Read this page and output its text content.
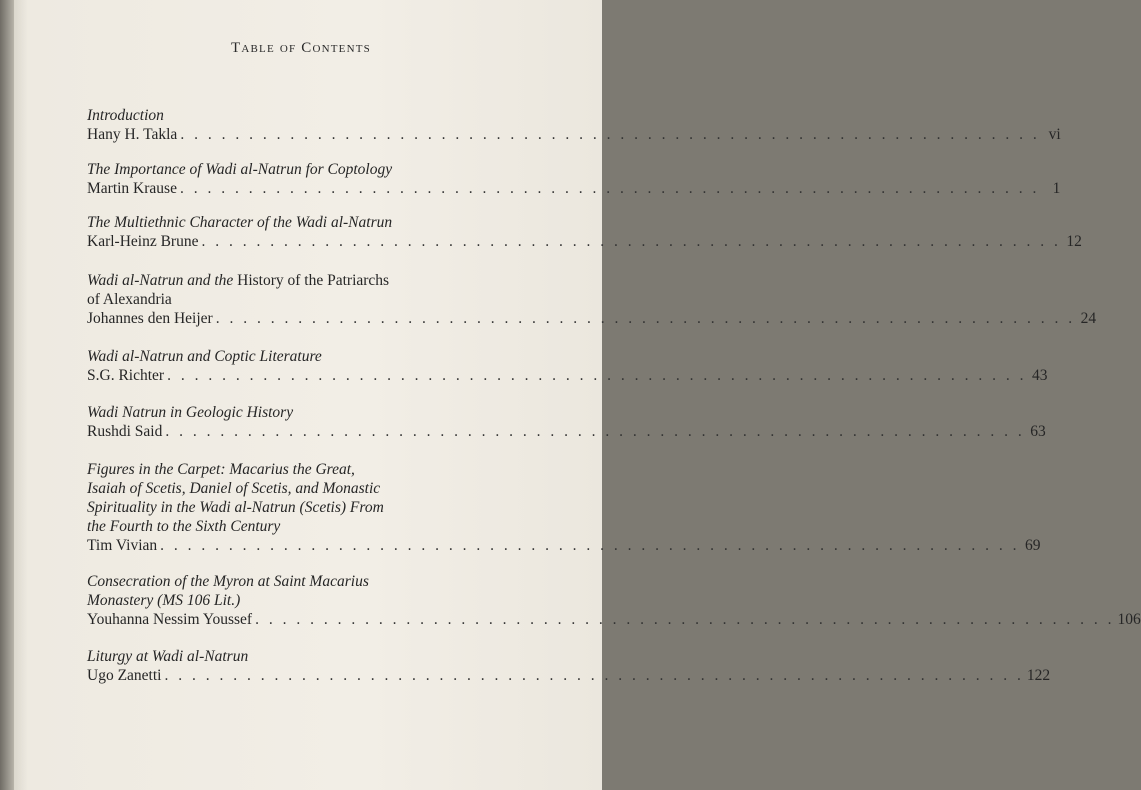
Table of Contents
Introduction
Hany H. Takla . . . . . . . . . . . . . . . . . . . . . . . . . . . . . . . . . . . . . . . . . . . . . . . . . . . . . . . . . . . . . . . vi
The Importance of Wadi al-Natrun for Coptology
Martin Krause . . . . . . . . . . . . . . . . . . . . . . . . . . . . . . . . . . . . . . . . . . . . . . . . . . . . . . . . . . . . . . . 1
The Multiethnic Character of the Wadi al-Natrun
Karl-Heinz Brune . . . . . . . . . . . . . . . . . . . . . . . . . . . . . . . . . . . . . . . . . . . . . . . . . . . . . . . . . . . . . . . 12
Wadi al-Natrun and the History of the Patriarchs
of Alexandria
Johannes den Heijer . . . . . . . . . . . . . . . . . . . . . . . . . . . . . . . . . . . . . . . . . . . . . . . . . . . . . . . . . . . . . . . 24
Wadi al-Natrun and Coptic Literature
S.G. Richter . . . . . . . . . . . . . . . . . . . . . . . . . . . . . . . . . . . . . . . . . . . . . . . . . . . . . . . . . . . . . . . 43
Wadi Natrun in Geologic History
Rushdi Said . . . . . . . . . . . . . . . . . . . . . . . . . . . . . . . . . . . . . . . . . . . . . . . . . . . . . . . . . . . . . . . 63
Figures in the Carpet: Macarius the Great,
Isaiah of Scetis, Daniel of Scetis, and Monastic
Spirituality in the Wadi al-Natrun (Scetis) From
the Fourth to the Sixth Century
Tim Vivian . . . . . . . . . . . . . . . . . . . . . . . . . . . . . . . . . . . . . . . . . . . . . . . . . . . . . . . . . . . . . . . 69
Consecration of the Myron at Saint Macarius
Monastery (MS 106 Lit.)
Youhanna Nessim Youssef . . . . . . . . . . . . . . . . . . . . . . . . . . . . . . . . . . . . . . . . . . . . . . . . . . . . . . . . . . . . . . . 106
Liturgy at Wadi al-Natrun
Ugo Zanetti . . . . . . . . . . . . . . . . . . . . . . . . . . . . . . . . . . . . . . . . . . . . . . . . . . . . . . . . . . . . . . . 122
